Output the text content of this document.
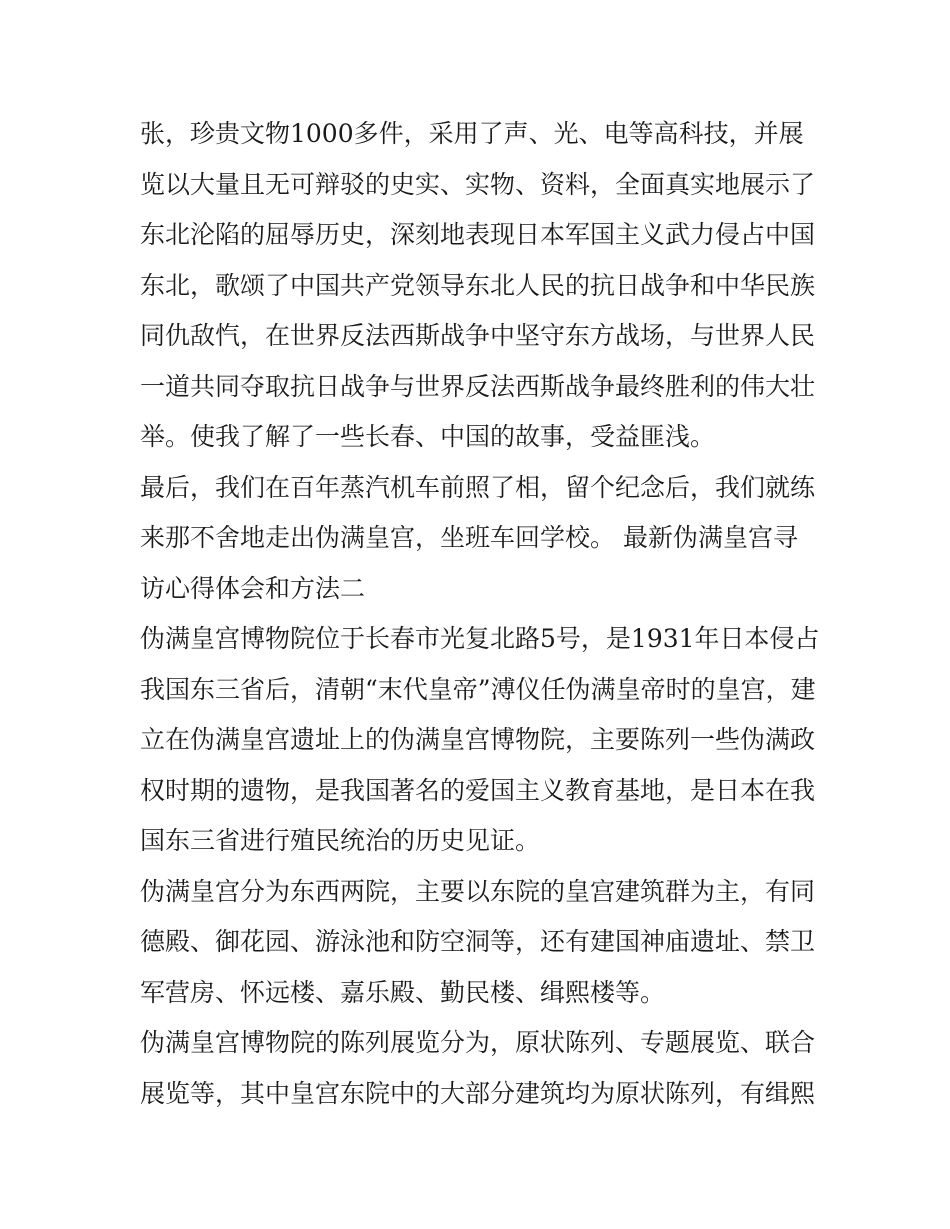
张，珍贵文物1000多件，采用了声、光、电等高科技，并展
览以大量且无可辩驳的史实、实物、资料，全面真实地展示了
东北沦陷的屈辱历史，深刻地表现日本军国主义武力侵占中国
东北，歌颂了中国共产党领导东北人民的抗日战争和中华民族
同仇敌忾，在世界反法西斯战争中坚守东方战场，与世界人民
一道共同夺取抗日战争与世界反法西斯战争最终胜利的伟大壮
举。使我了解了一些长春、中国的故事，受益匪浅。
最后，我们在百年蒸汽机车前照了相，留个纪念后，我们就练
来那不舍地走出伪满皇宫，坐班车回学校。 最新伪满皇宫寻
访心得体会和方法二
伪满皇宫博物院位于长春市光复北路5号，是1931年日本侵占
我国东三省后，清朝“末代皇帝”溥仪任伪满皇帝时的皇宫，建
立在伪满皇宫遗址上的伪满皇宫博物院，主要陈列一些伪满政
权时期的遗物，是我国著名的爱国主义教育基地，是日本在我
国东三省进行殖民统治的历史见证。
伪满皇宫分为东西两院，主要以东院的皇宫建筑群为主，有同
德殿、御花园、游泳池和防空洞等，还有建国神庙遗址、禁卫
军营房、怀远楼、嘉乐殿、勤民楼、缉熙楼等。
伪满皇宫博物院的陈列展览分为，原状陈列、专题展览、联合
展览等，其中皇宫东院中的大部分建筑均为原状陈列，有缉熙
